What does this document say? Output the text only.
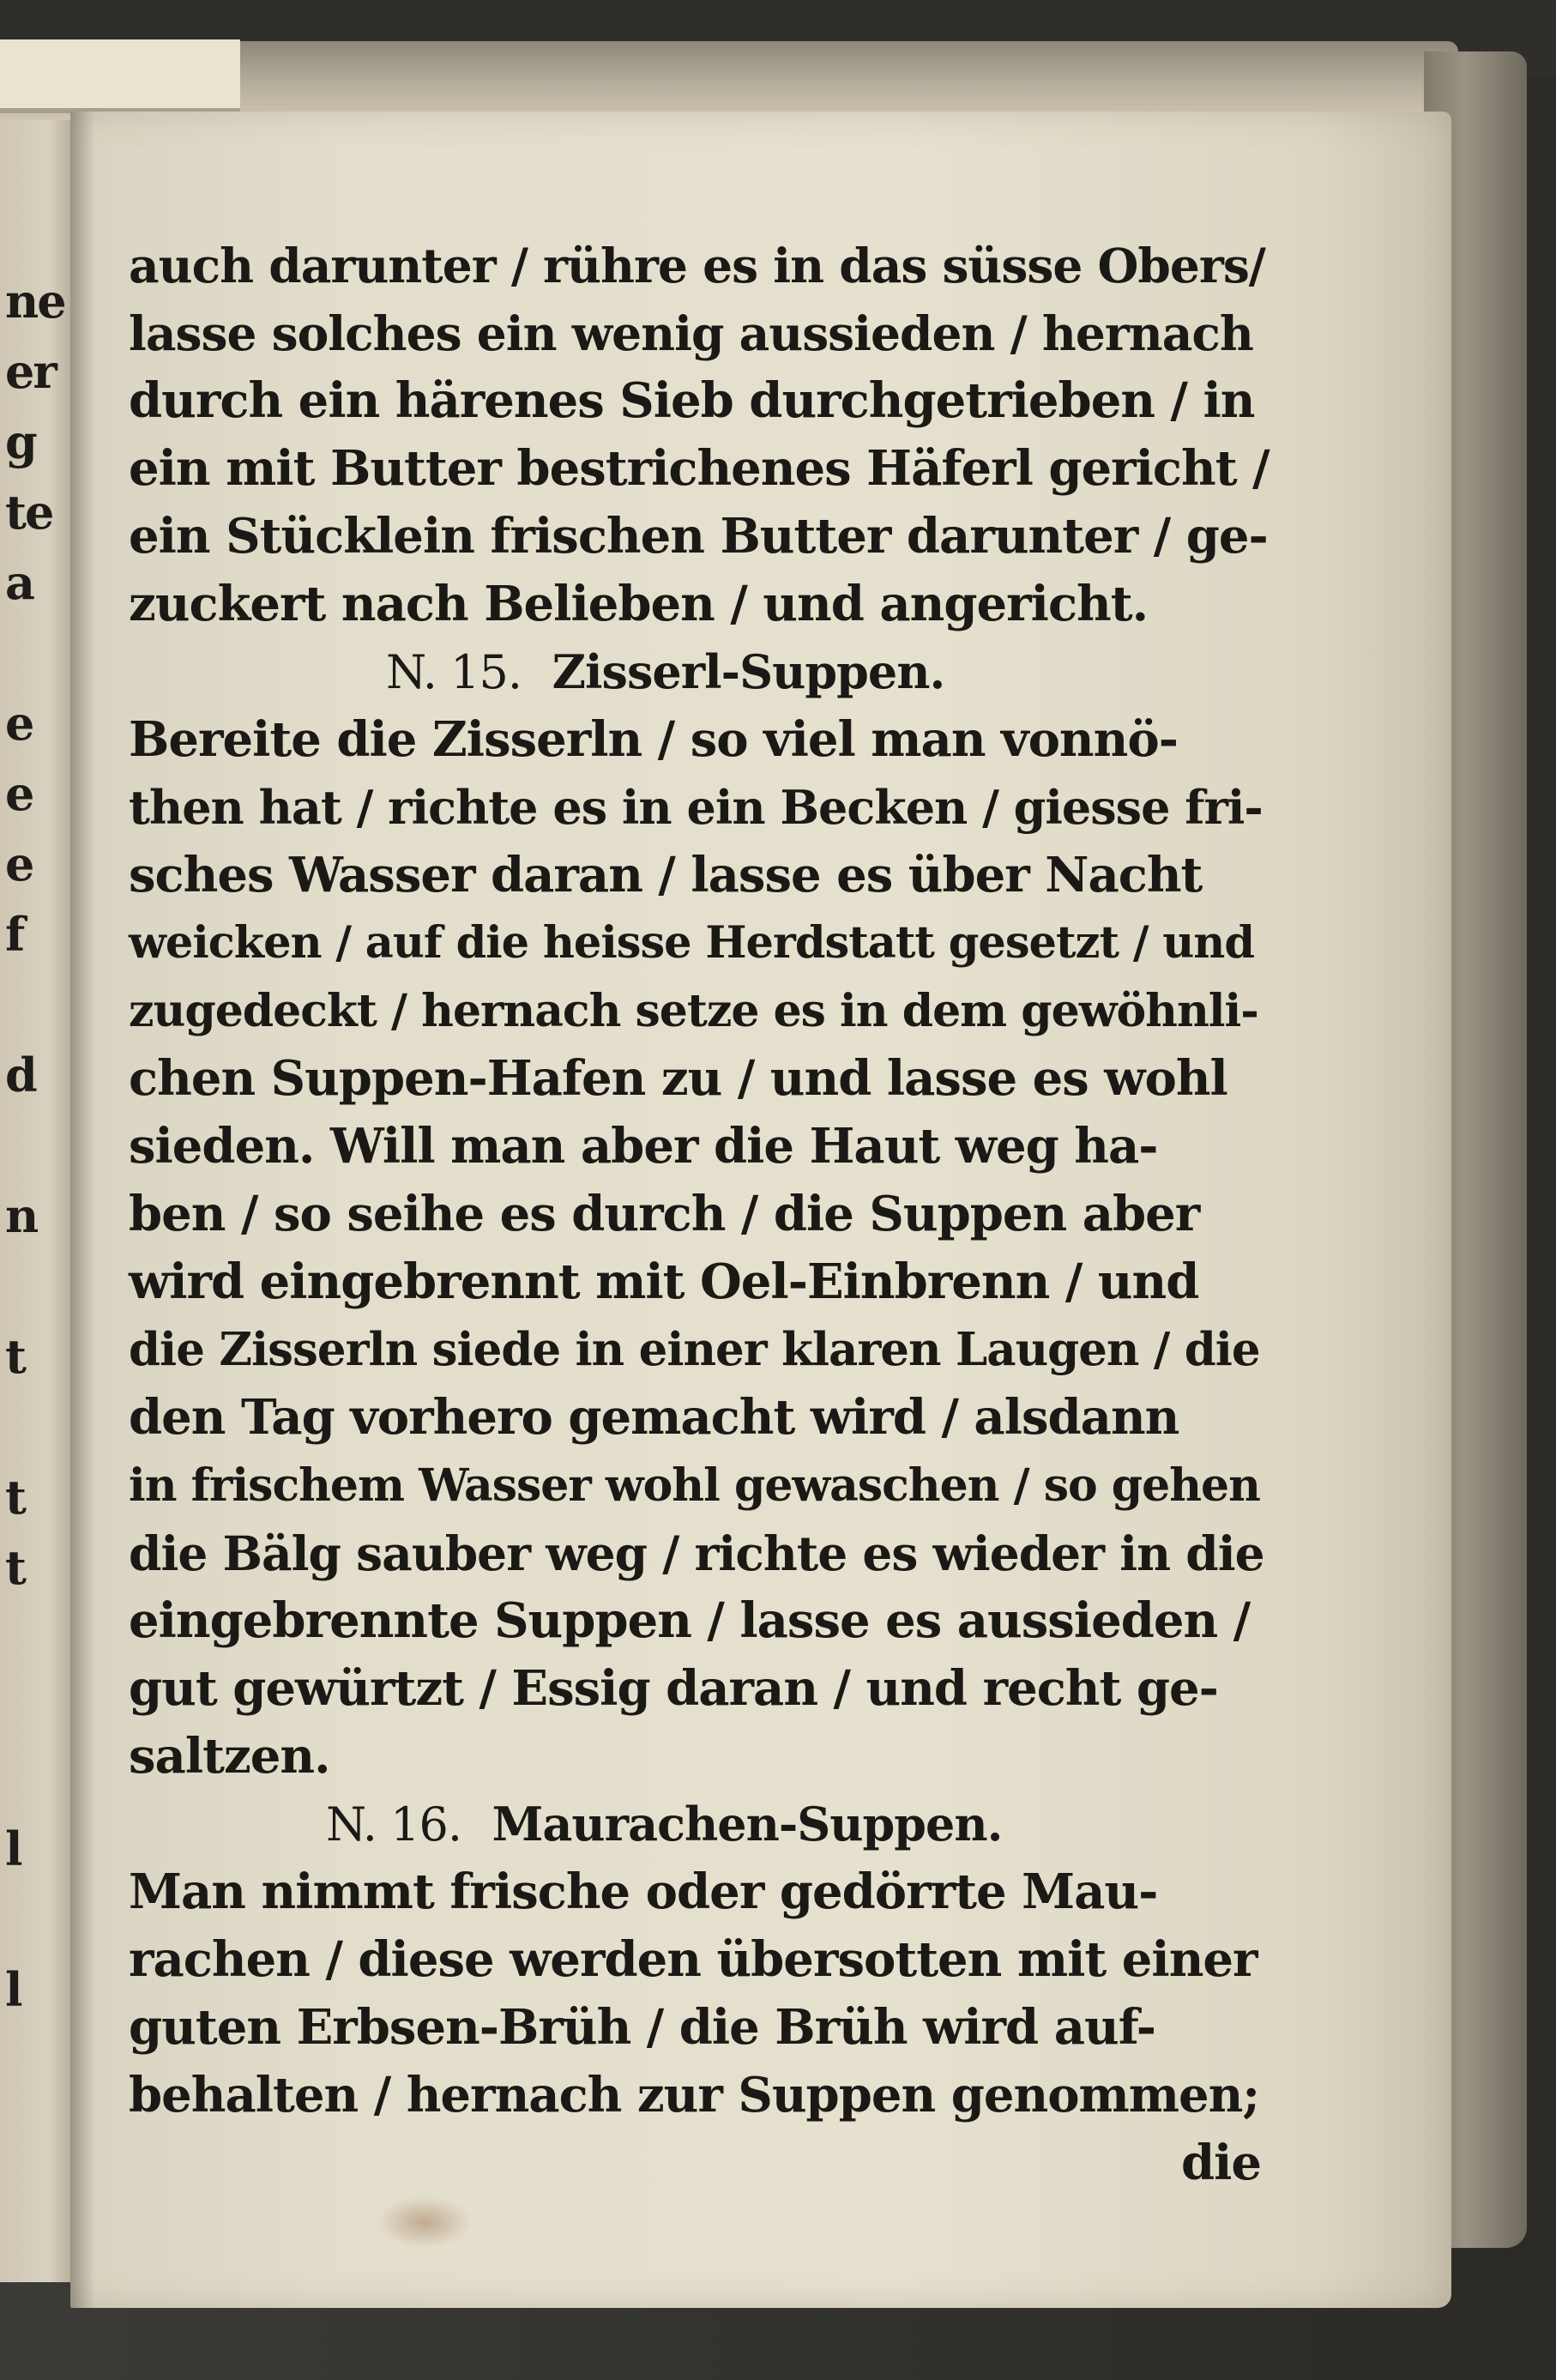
ne
er
g
te
a
e
e
e
f
d
n
t
t
t
l
l
auch darunter / rühre es in das süsse Obers/
lasse solches ein wenig aussieden / hernach
durch ein härenes Sieb durchgetrieben / in
ein mit Butter bestrichenes Häferl gericht /
ein Stücklein frischen Butter darunter / ge-
zuckert nach Belieben / und angericht.
N. 15. Zisserl-Suppen.
Bereite die Zisserln / so viel man vonnö-
then hat / richte es in ein Becken / giesse fri-
sches Wasser daran / lasse es über Nacht
weicken / auf die heisse Herdstatt gesetzt / und
zugedeckt / hernach setze es in dem gewöhnli-
chen Suppen-Hafen zu / und lasse es wohl
sieden. Will man aber die Haut weg ha-
ben / so seihe es durch / die Suppen aber
wird eingebrennt mit Oel-Einbrenn / und
die Zisserln siede in einer klaren Laugen / die
den Tag vorhero gemacht wird / alsdann
in frischem Wasser wohl gewaschen / so gehen
die Bälg sauber weg / richte es wieder in die
eingebrennte Suppen / lasse es aussieden /
gut gewürtzt / Essig daran / und recht ge-
saltzen.
N. 16. Maurachen-Suppen.
Man nimmt frische oder gedörrte Mau-
rachen / diese werden übersotten mit einer
guten Erbsen-Brüh / die Brüh wird auf-
behalten / hernach zur Suppen genommen;
die
